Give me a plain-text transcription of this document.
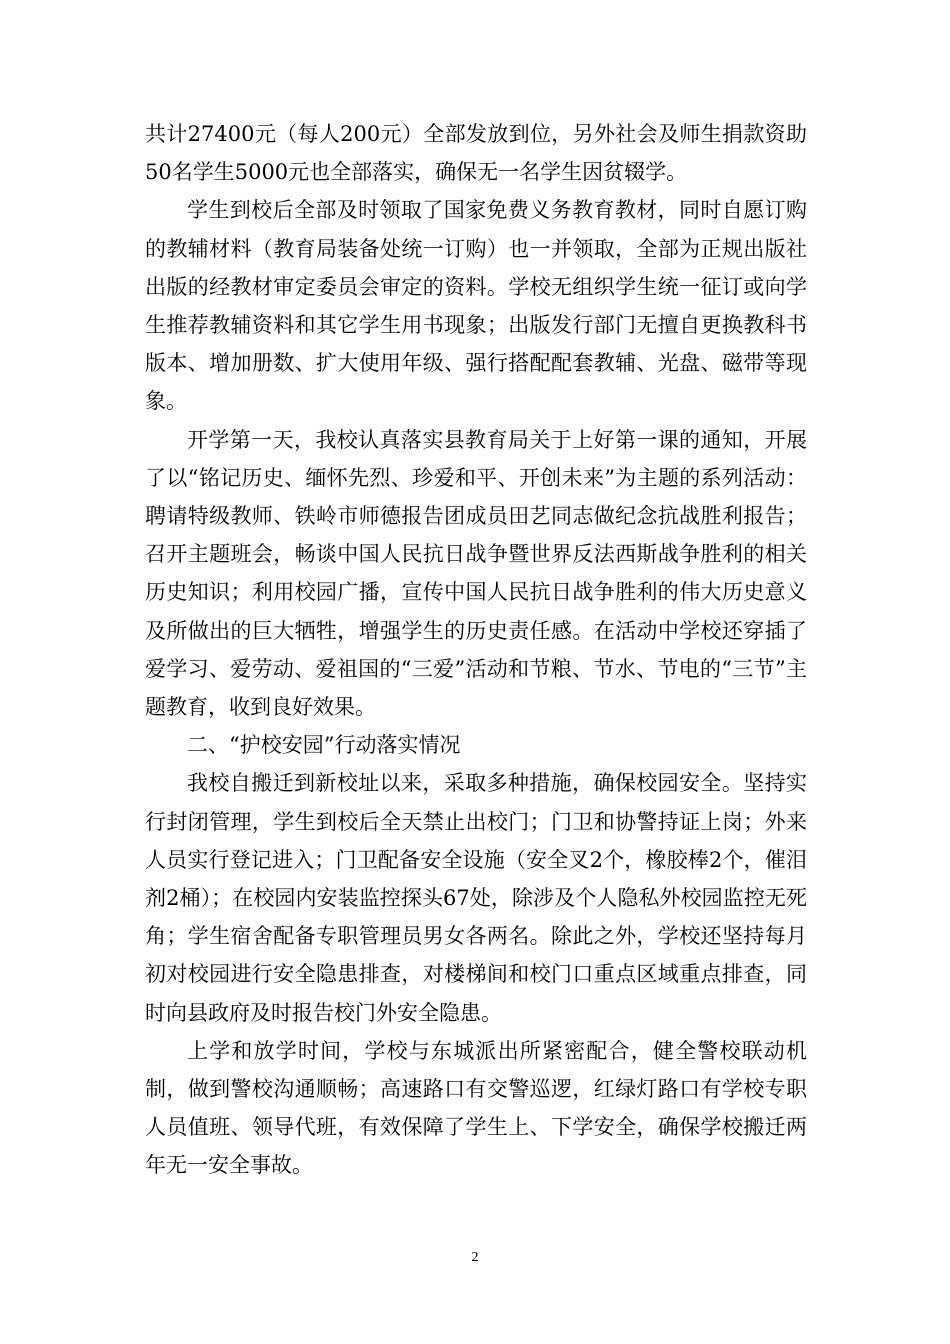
共计27400元（每人200元）全部发放到位，另外社会及师生捐款资助50名学生5000元也全部落实，确保无一名学生因贫辍学。

学生到校后全部及时领取了国家免费义务教育教材，同时自愿订购的教辅材料（教育局装备处统一订购）也一并领取，全部为正规出版社出版的经教材审定委员会审定的资料。学校无组织学生统一征订或向学生推荐教辅资料和其它学生用书现象；出版发行部门无擅自更换教科书版本、增加册数、扩大使用年级、强行搭配配套教辅、光盘、磁带等现象。

开学第一天，我校认真落实县教育局关于上好第一课的通知，开展了以“铭记历史、缅怀先烈、珍爱和平、开创未来”为主题的系列活动：聘请特级教师、铁岭市师德报告团成员田艺同志做纪念抗战胜利报告；召开主题班会，畅谈中国人民抗日战争暨世界反法西斯战争胜利的相关历史知识；利用校园广播，宣传中国人民抗日战争胜利的伟大历史意义及所做出的巨大牺牲，增强学生的历史责任感。在活动中学校还穿插了爱学习、爱劳动、爱祖国的“三爱”活动和节粮、节水、节电的“三节”主题教育，收到良好效果。

二、“护校安园”行动落实情况

我校自搬迁到新校址以来，采取多种措施，确保校园安全。坚持实行封闭管理，学生到校后全天禁止出校门；门卫和协警持证上岗；外来人员实行登记进入；门卫配备安全设施（安全叉2个，橡胶棒2个，催泪剂2桶）；在校园内安装监控探头67处，除涉及个人隐私外校园监控无死角；学生宿舍配备专职管理员男女各两名。除此之外，学校还坚持每月初对校园进行安全隐患排查，对楼梯间和校门口重点区域重点排查，同时向县政府及时报告校门外安全隐患。

上学和放学时间，学校与东城派出所紧密配合，健全警校联动机制，做到警校沟通顺畅；高速路口有交警巡逻，红绿灯路口有学校专职人员值班、领导代班，有效保障了学生上、下学安全，确保学校搬迁两年无一安全事故。

2
